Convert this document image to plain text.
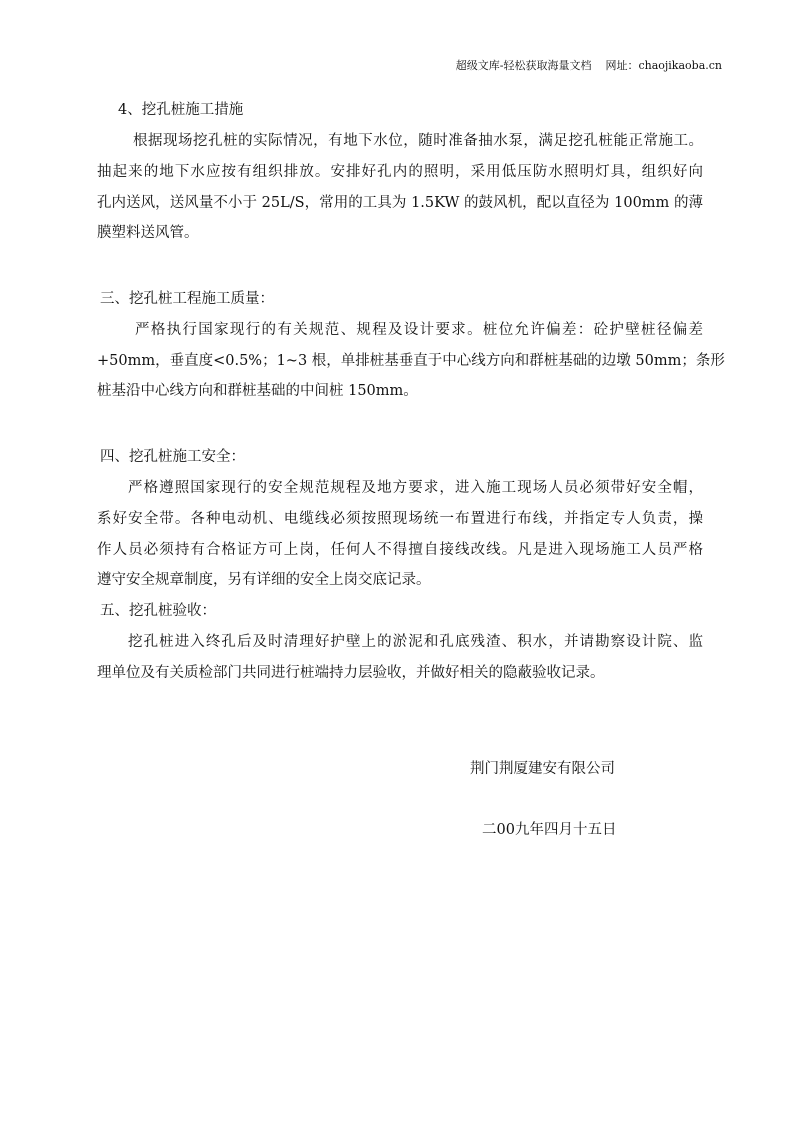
超级文库-轻松获取海量文档 网址：chaojikaoba.cn
4、挖孔桩施工措施
根据现场挖孔桩的实际情况，有地下水位，随时准备抽水泵，满足挖孔桩能正常施工。
抽起来的地下水应按有组织排放。安排好孔内的照明，采用低压防水照明灯具，组织好向
孔内送风，送风量不小于 25L/S，常用的工具为 1.5KW 的鼓风机，配以直径为 100mm 的薄
膜塑料送风管。
三、挖孔桩工程施工质量：
严格执行国家现行的有关规范、规程及设计要求。桩位允许偏差：砼护壁桩径偏差
+50mm，垂直度<0.5%；1~3 根，单排桩基垂直于中心线方向和群桩基础的边墩 50mm；条形
桩基沿中心线方向和群桩基础的中间桩 150mm。
四、挖孔桩施工安全：
严格遵照国家现行的安全规范规程及地方要求，进入施工现场人员必须带好安全帽，
系好安全带。各种电动机、电缆线必须按照现场统一布置进行布线，并指定专人负责，操
作人员必须持有合格证方可上岗，任何人不得擅自接线改线。凡是进入现场施工人员严格
遵守安全规章制度，另有详细的安全上岗交底记录。
五、挖孔桩验收：
挖孔桩进入终孔后及时清理好护壁上的淤泥和孔底残渣、积水，并请勘察设计院、监
理单位及有关质检部门共同进行桩端持力层验收，并做好相关的隐蔽验收记录。
荆门荆厦建安有限公司
二00九年四月十五日
